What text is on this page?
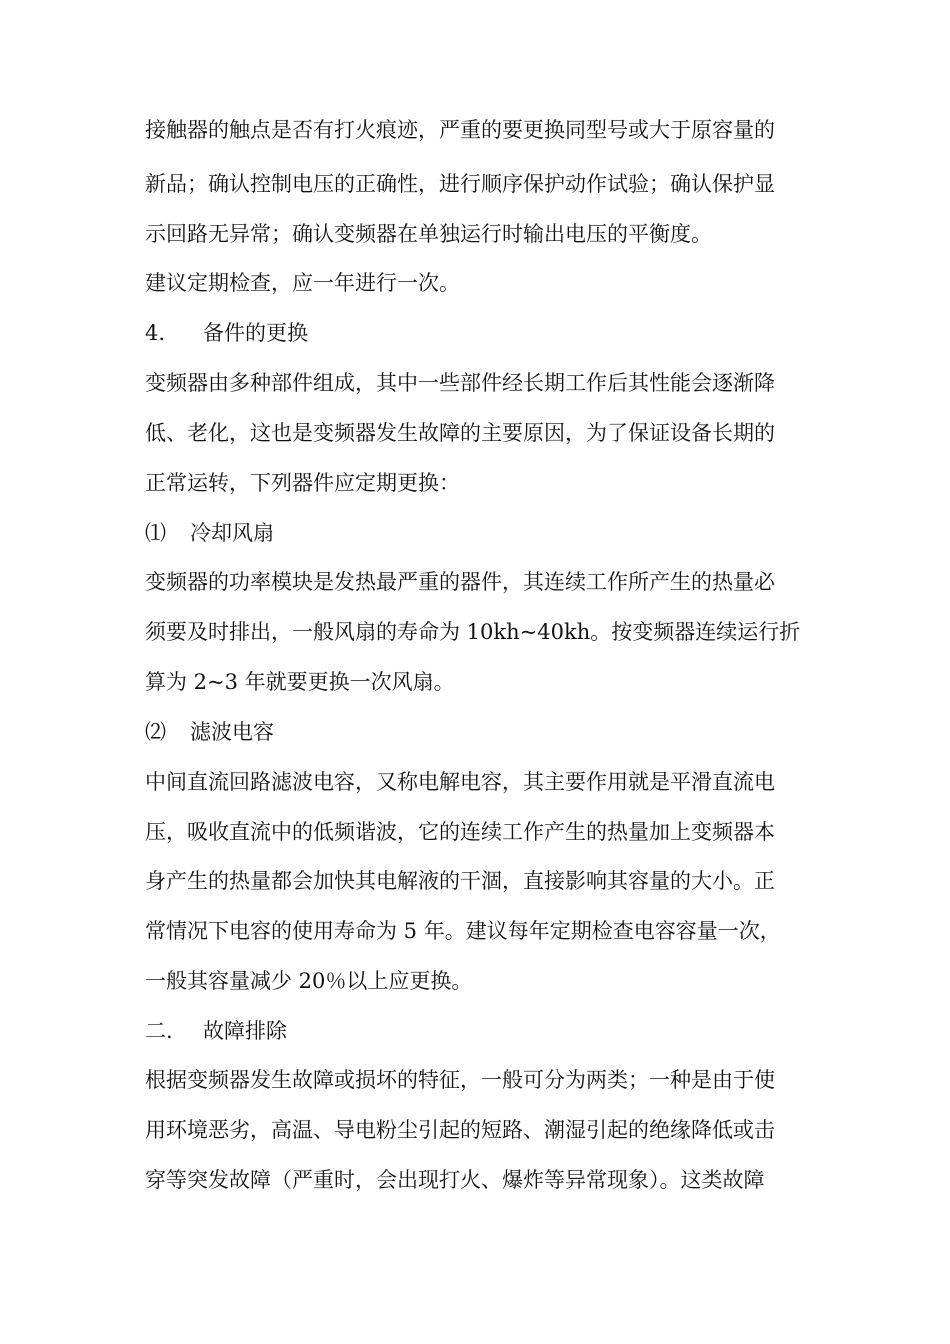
接触器的触点是否有打火痕迹，严重的要更换同型号或大于原容量的
新品；确认控制电压的正确性，进行顺序保护动作试验；确认保护显
示回路无异常；确认变频器在单独运行时输出电压的平衡度。
建议定期检查，应一年进行一次。
4. 备件的更换
变频器由多种部件组成，其中一些部件经长期工作后其性能会逐渐降
低、老化，这也是变频器发生故障的主要原因，为了保证设备长期的
正常运转，下列器件应定期更换：
⑴ 冷却风扇
变频器的功率模块是发热最严重的器件，其连续工作所产生的热量必
须要及时排出，一般风扇的寿命为 10kh~40kh。按变频器连续运行折
算为 2~3 年就要更换一次风扇。
⑵ 滤波电容
中间直流回路滤波电容，又称电解电容，其主要作用就是平滑直流电
压，吸收直流中的低频谐波，它的连续工作产生的热量加上变频器本
身产生的热量都会加快其电解液的干涸，直接影响其容量的大小。正
常情况下电容的使用寿命为 5 年。建议每年定期检查电容容量一次，
一般其容量减少 20％以上应更换。
二. 故障排除
根据变频器发生故障或损坏的特征，一般可分为两类；一种是由于使
用环境恶劣，高温、导电粉尘引起的短路、潮湿引起的绝缘降低或击
穿等突发故障（严重时，会出现打火、爆炸等异常现象）。这类故障
